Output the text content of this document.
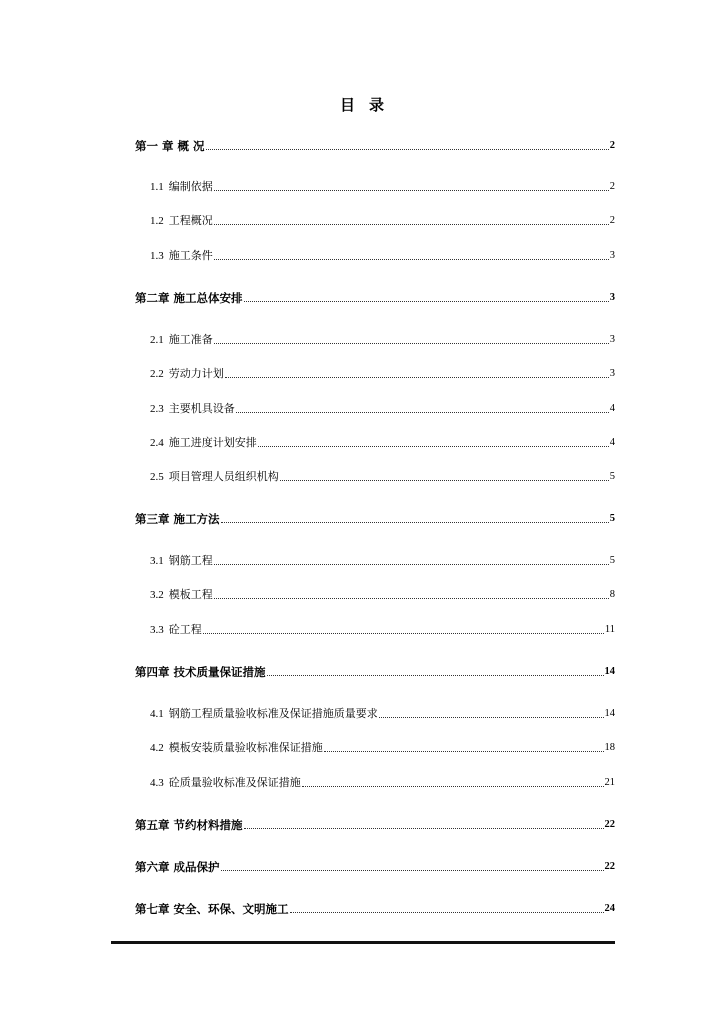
目 录
第一 章 概 况	2
1.1 编制依据	2
1.2 工程概况	2
1.3 施工条件	3
第二章 施工总体安排	3
2.1 施工准备	3
2.2 劳动力计划	3
2.3 主要机具设备	4
2.4 施工进度计划安排	4
2.5 项目管理人员组织机构	5
第三章 施工方法	5
3.1 钢筋工程	5
3.2 模板工程	8
3.3 砼工程	11
第四章 技术质量保证措施	14
4.1 钢筋工程质量验收标准及保证措施质量要求	14
4.2 模板安装质量验收标准保证措施	18
4.3 砼质量验收标准及保证措施	21
第五章 节约材料措施	22
第六章 成品保护	22
第七章 安全、环保、文明施工	24
